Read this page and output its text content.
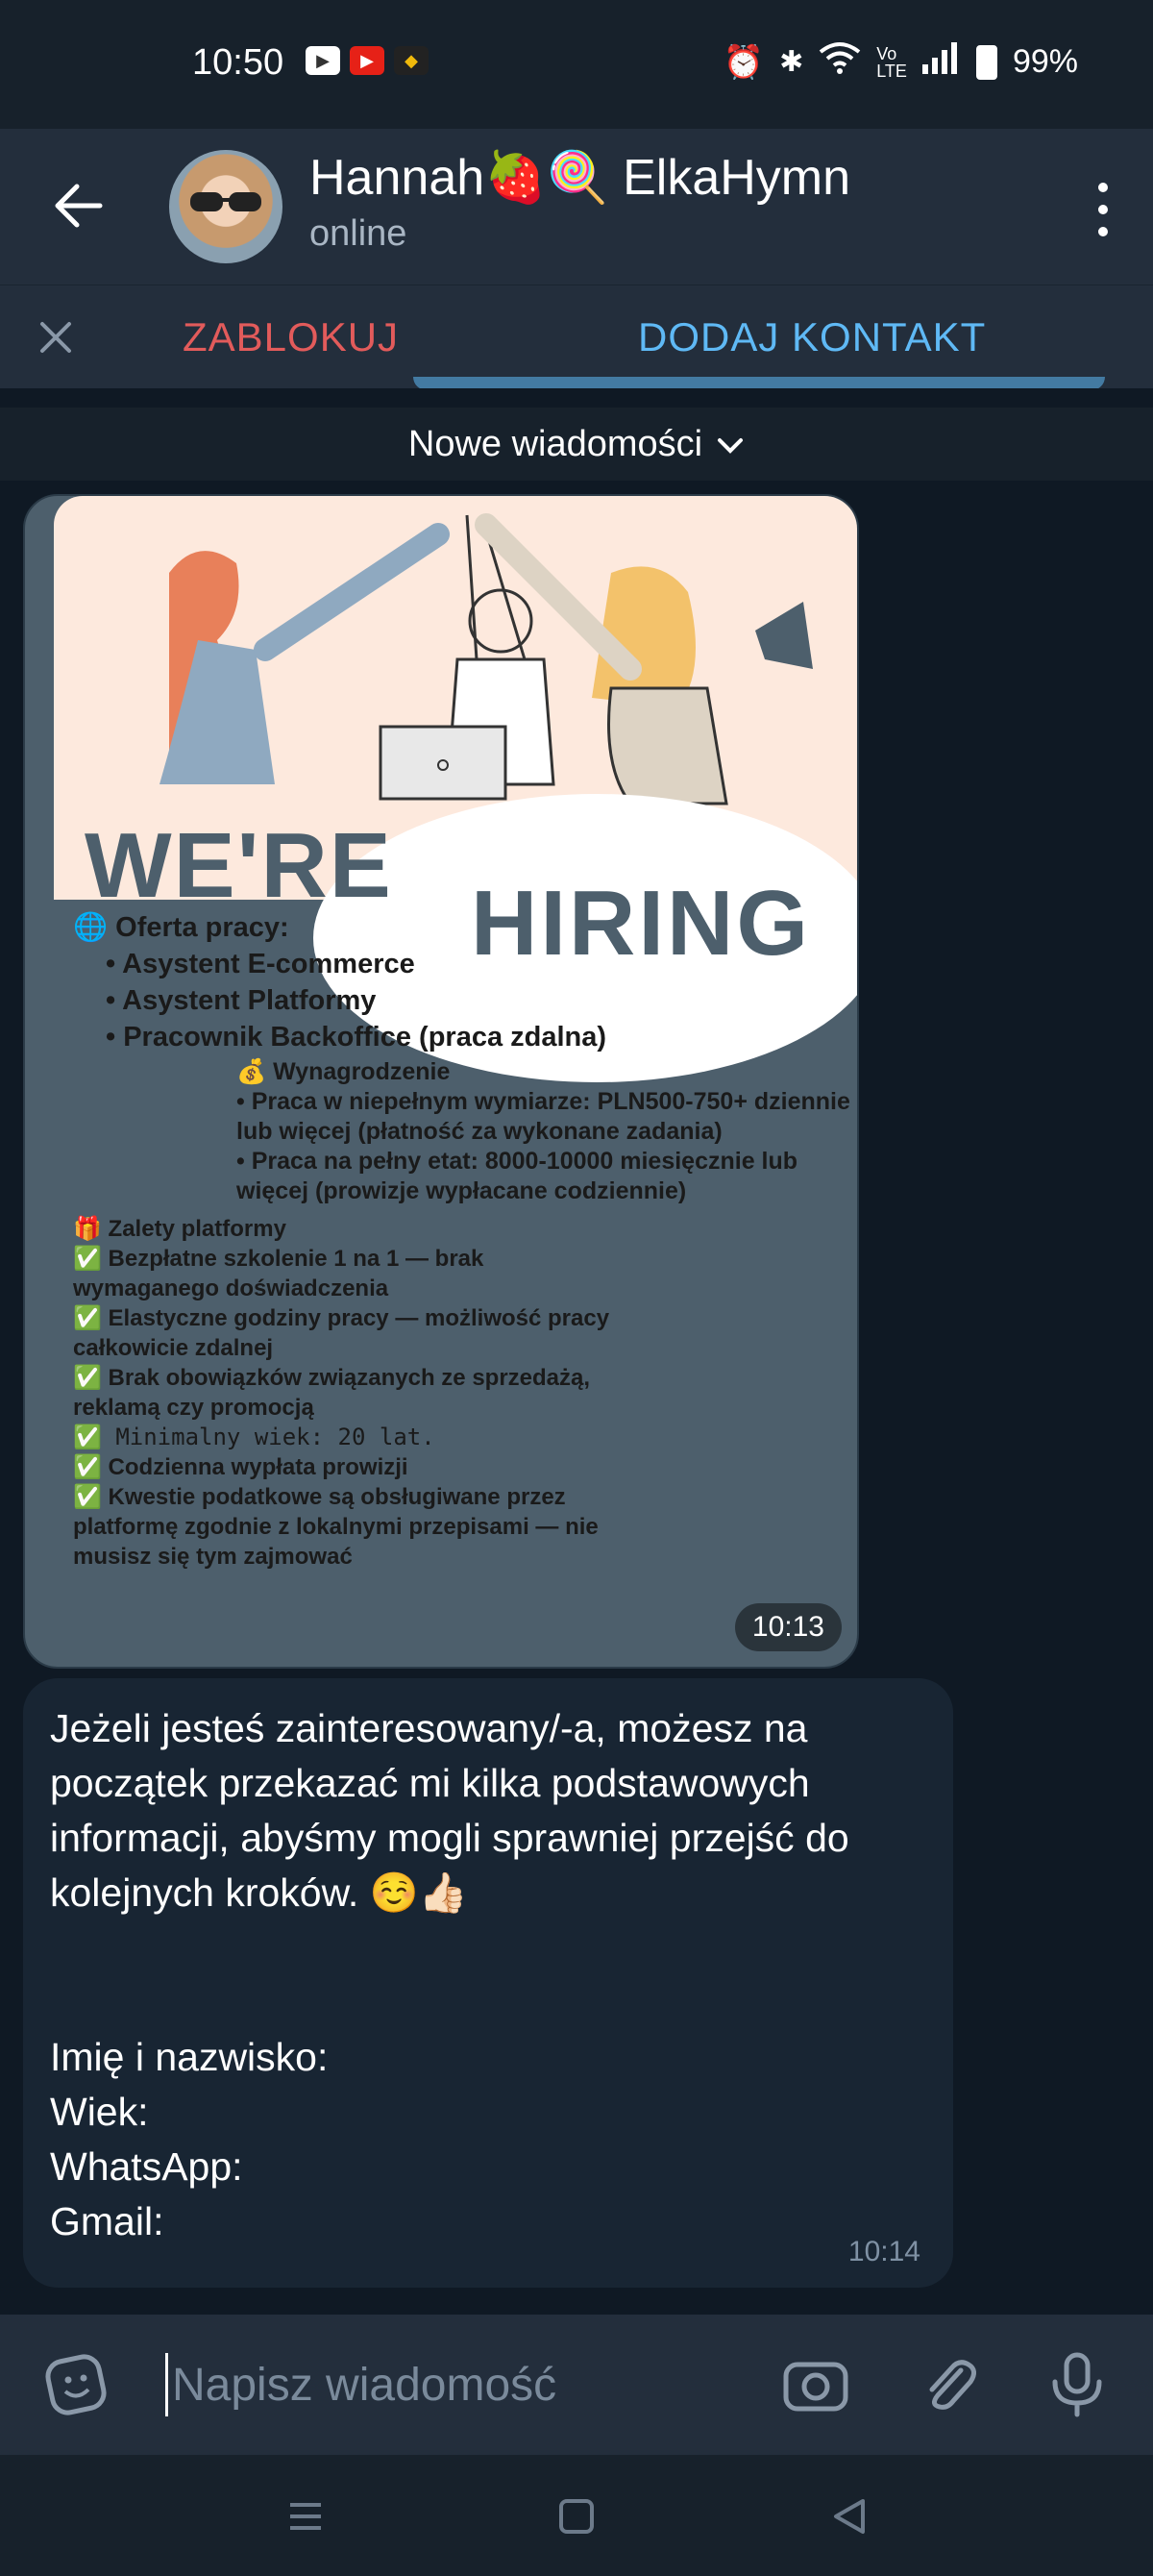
10:50	▶	▶	◆	⏰ ✱	Vo
LTE	99%
Hannah🍓🍭 ElkaHymn
online
ZABLOKUJ	DODAJ KONTAKT
Nowe wiadomości
WE'RE
HIRING
🌐 Oferta pracy:
• Asystent E-commerce
• Asystent Platformy
• Pracownik Backoffice (praca zdalna)
💰 Wynagrodzenie
• Praca w niepełnym wymiarze: PLN500-750+ dziennie lub więcej (płatność za wykonane zadania)
• Praca na pełny etat: 8000-10000 miesięcznie lub więcej (prowizje wypłacane codziennie)
🎁 Zalety platformy
✅ Bezpłatne szkolenie 1 na 1 — brak wymaganego doświadczenia
✅ Elastyczne godziny pracy — możliwość pracy całkowicie zdalnej
✅ Brak obowiązków związanych ze sprzedażą, reklamą czy promocją
✅ Minimalny wiek: 20 lat.
✅ Codzienna wypłata prowizji
✅ Kwestie podatkowe są obsługiwane przez platformę zgodnie z lokalnymi przepisami — nie musisz się tym zajmować
10:13
Jeżeli jesteś zainteresowany/-a, możesz na początek przekazać mi kilka podstawowych informacji, abyśmy mogli sprawniej przejść do kolejnych kroków. ☺️👍🏻

Imię i nazwisko:
Wiek:
WhatsApp:
Gmail:
10:14
Napisz wiadomość
